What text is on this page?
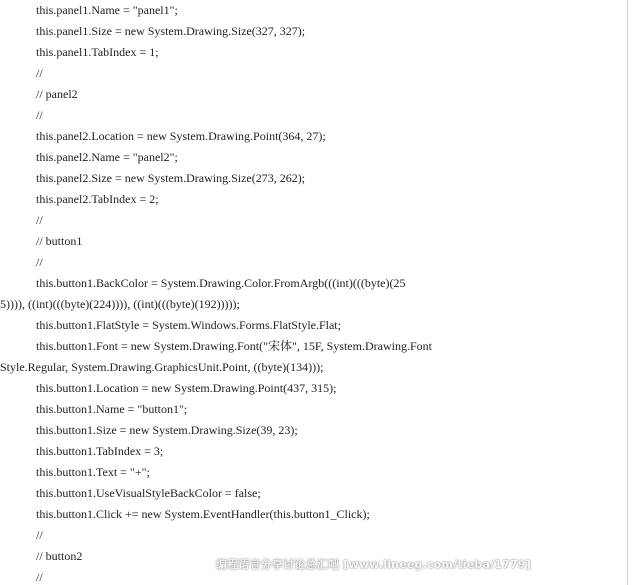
this.panel1.Name = "panel1";
this.panel1.Size = new System.Drawing.Size(327, 327);
this.panel1.TabIndex = 1;
//
// panel2
//
this.panel2.Location = new System.Drawing.Point(364, 27);
this.panel2.Name = "panel2";
this.panel2.Size = new System.Drawing.Size(273, 262);
this.panel2.TabIndex = 2;
//
// button1
//
this.button1.BackColor = System.Drawing.Color.FromArgb(((int)(((byte)(25
5)))), ((int)(((byte)(224)))), ((int)(((byte)(192)))));
this.button1.FlatStyle = System.Windows.Forms.FlatStyle.Flat;
this.button1.Font = new System.Drawing.Font("宋体", 15F, System.Drawing.Font
Style.Regular, System.Drawing.GraphicsUnit.Point, ((byte)(134)));
this.button1.Location = new System.Drawing.Point(437, 315);
this.button1.Name = "button1";
this.button1.Size = new System.Drawing.Size(39, 23);
this.button1.TabIndex = 3;
this.button1.Text = "+";
this.button1.UseVisualStyleBackColor = false;
this.button1.Click += new System.EventHandler(this.button1_Click);
//
// button2
//
编程语言分享讨论总汇吧 [www.lineeg.com/tieba/1779]
